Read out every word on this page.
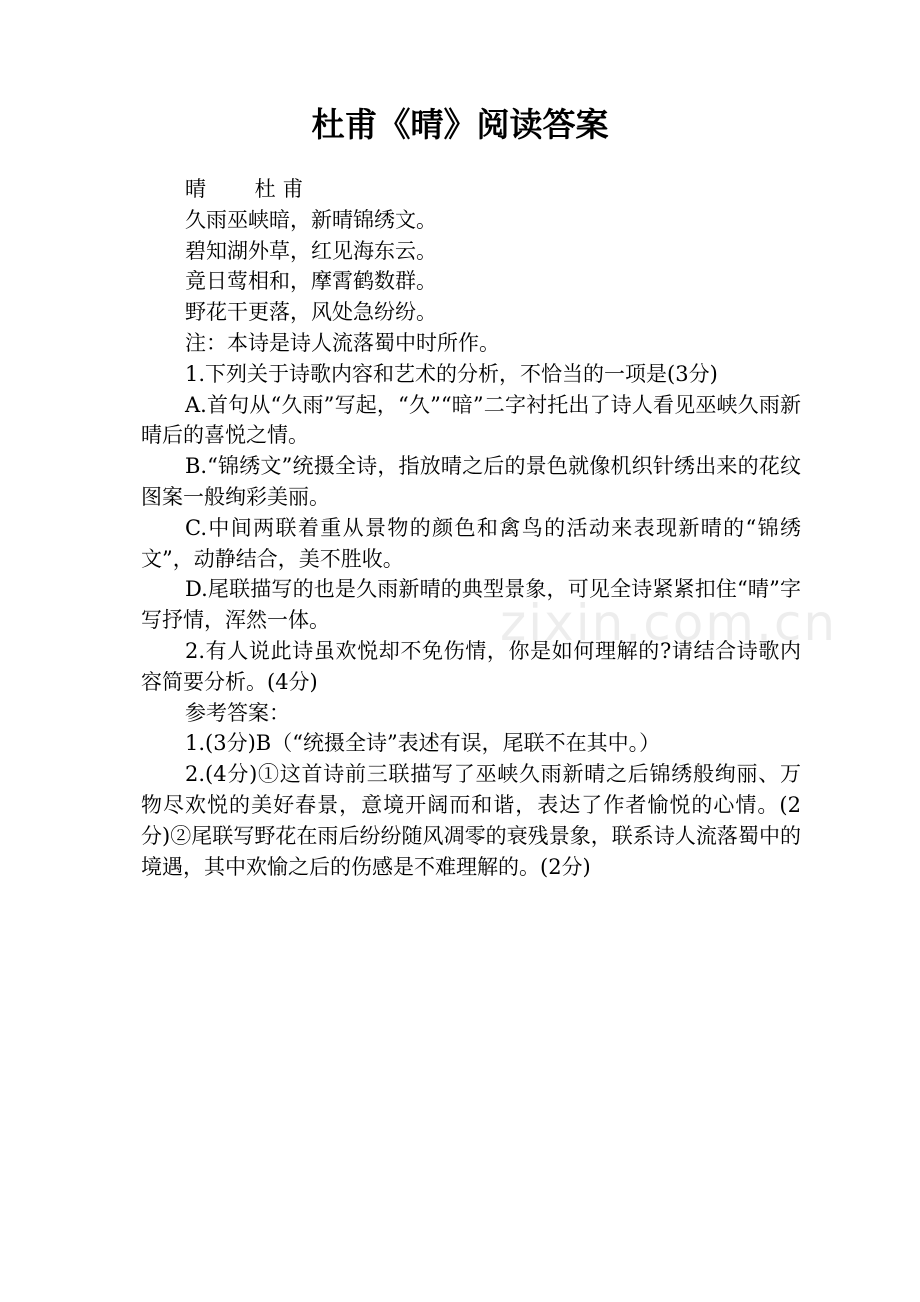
杜甫《晴》阅读答案

晴　　 杜 甫

久雨巫峡暗，新晴锦绣文。

碧知湖外草，红见海东云。

竟日莺相和，摩霄鹤数群。

野花干更落，风处急纷纷。

注：本诗是诗人流落蜀中时所作。

1.下列关于诗歌内容和艺术的分析，不恰当的一项是(3分)

A.首句从“久雨”写起，“久”“暗”二字衬托出了诗人看见巫峡久雨新晴后的喜悦之情。

B.“锦绣文”统摄全诗，指放晴之后的景色就像机织针绣出来的花纹图案一般绚彩美丽。

C.中间两联着重从景物的颜色和禽鸟的活动来表现新晴的“锦绣文”，动静结合，美不胜收。

D.尾联描写的也是久雨新晴的典型景象，可见全诗紧紧扣住“晴”字写抒情，浑然一体。

2.有人说此诗虽欢悦却不免伤情，你是如何理解的?请结合诗歌内容简要分析。(4分)

参考答案：

1.(3分)B（“统摄全诗”表述有误，尾联不在其中。）

2.(4分)①这首诗前三联描写了巫峡久雨新晴之后锦绣般绚丽、万物尽欢悦的美好春景，意境开阔而和谐，表达了作者愉悦的心情。(2分)②尾联写野花在雨后纷纷随风凋零的衰残景象，联系诗人流落蜀中的境遇，其中欢愉之后的伤感是不难理解的。(2分)

zixin.com.cn
